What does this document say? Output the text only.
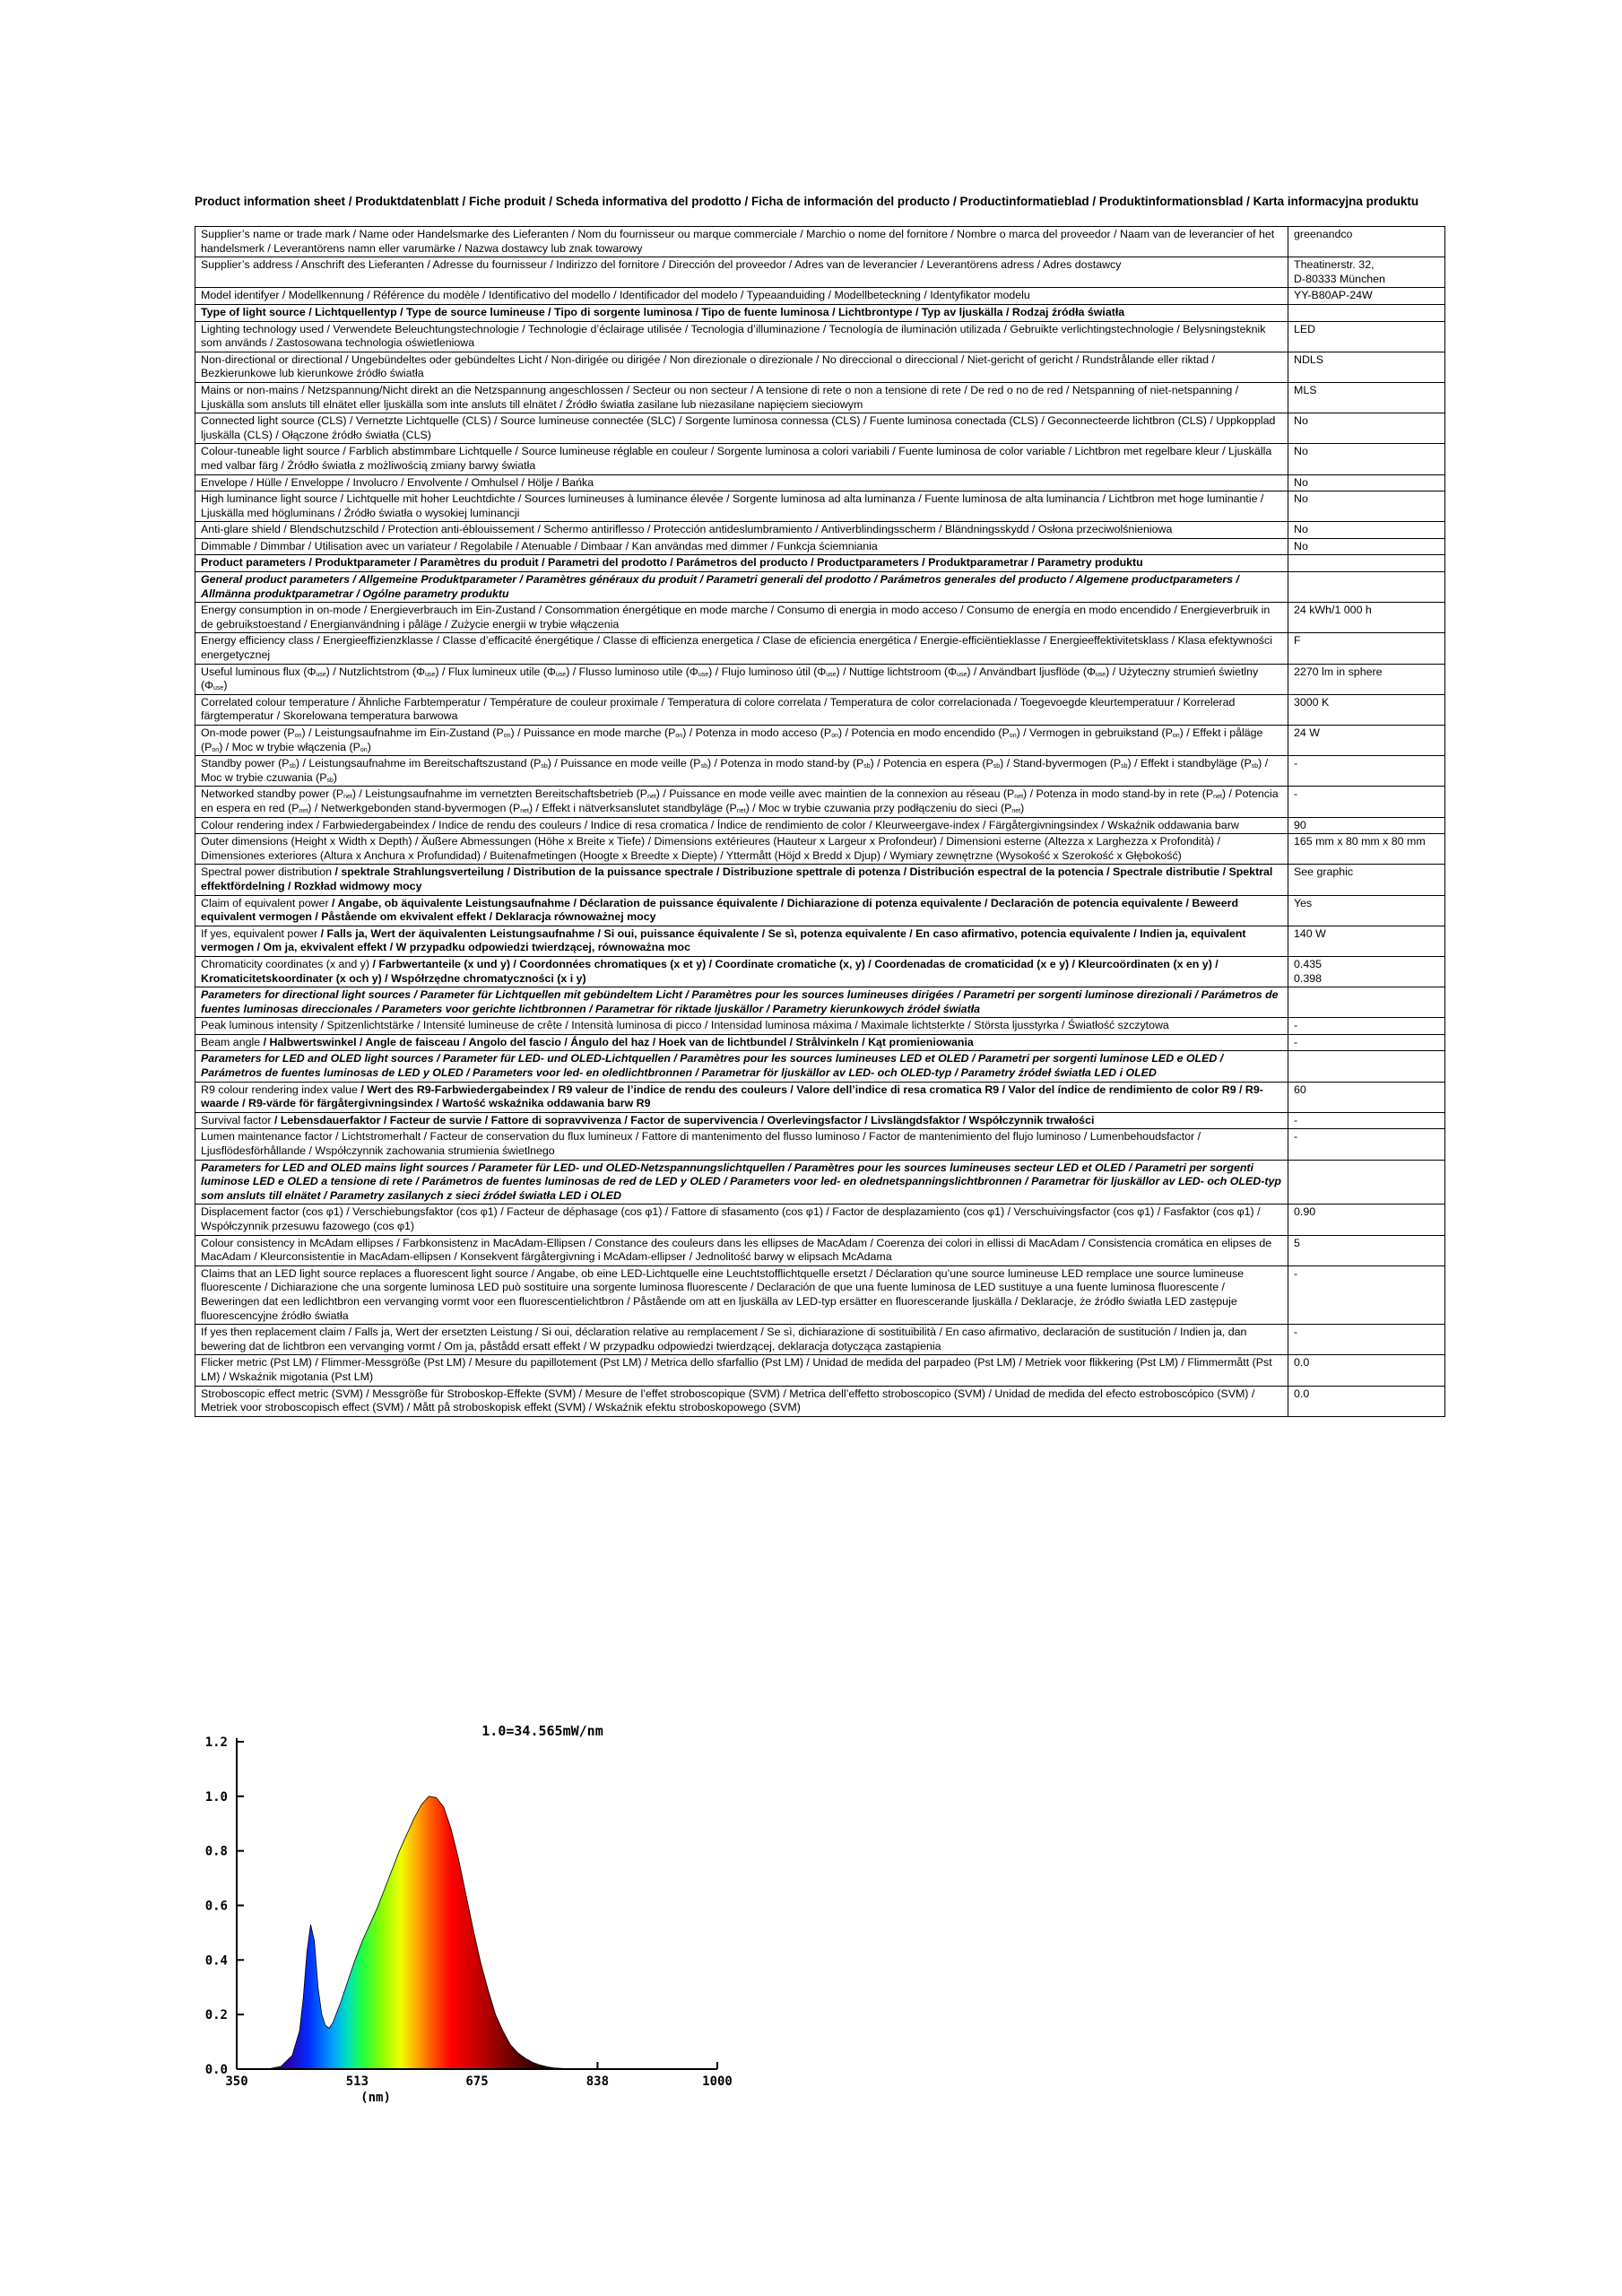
Product information sheet / Produktdatenblatt / Fiche produit / Scheda informativa del prodotto / Ficha de información del producto / Productinformatieblad / Produktinformationsblad / Karta informacyjna produktu
Supplier’s name or trade mark / Name oder Handelsmarke des Lieferanten / Nom du fournisseur ou marque commerciale / Marchio o nome del fornitore / Nombre o marca del proveedor / Naam van de leverancier of het handelsmerk / Leverantörens namn eller varumärke / Nazwa dostawcy lub znak towarowy	greenandco
Supplier’s address / Anschrift des Lieferanten / Adresse du fournisseur / Indirizzo del fornitore / Dirección del proveedor / Adres van de leverancier / Leverantörens adress / Adres dostawcy	Theatinerstr. 32,
D-80333 München
Model identifyer / Modellkennung / Référence du modèle / Identificativo del modello / Identificador del modelo / Typeaanduiding / Modellbeteckning / Identyfikator modelu	YY-B80AP-24W
Type of light source / Lichtquellentyp / Type de source lumineuse / Tipo di sorgente luminosa / Tipo de fuente luminosa / Lichtbrontype / Typ av ljuskälla / Rodzaj źródła światła	
Lighting technology used / Verwendete Beleuchtungstechnologie / Technologie d’éclairage utilisée / Tecnologia d’illuminazione / Tecnología de iluminación utilizada / Gebruikte verlichtingstechnologie / Belysningsteknik som används / Zastosowana technologia oświetleniowa	LED
Non-directional or directional / Ungebündeltes oder gebündeltes Licht / Non-dirigée ou dirigée / Non direzionale o direzionale / No direccional o direccional / Niet-gericht of gericht / Rundstrålande eller riktad / Bezkierunkowe lub kierunkowe źródło światła	NDLS
Mains or non-mains / Netzspannung/Nicht direkt an die Netzspannung angeschlossen / Secteur ou non secteur / A tensione di rete o non a tensione di rete / De red o no de red / Netspanning of niet-netspanning / Ljuskälla som ansluts till elnätet eller ljuskälla som inte ansluts till elnätet / Źródło światła zasilane lub niezasilane napięciem sieciowym	MLS
Connected light source (CLS) / Vernetzte Lichtquelle (CLS) / Source lumineuse connectée (SLC) / Sorgente luminosa connessa (CLS) / Fuente luminosa conectada (CLS) / Geconnecteerde lichtbron (CLS) / Uppkopplad ljuskälla (CLS) / Ołączone źródło światła (CLS)	No
Colour-tuneable light source / Farblich abstimmbare Lichtquelle / Source lumineuse réglable en couleur / Sorgente luminosa a colori variabili / Fuente luminosa de color variable / Lichtbron met regelbare kleur / Ljuskälla med valbar färg / Źródło światła z możliwością zmiany barwy światła	No
Envelope / Hülle / Enveloppe / Involucro / Envolvente / Omhulsel / Hölje / Bańka	No
High luminance light source / Lichtquelle mit hoher Leuchtdichte / Sources lumineuses à luminance élevée / Sorgente luminosa ad alta luminanza / Fuente luminosa de alta luminancia / Lichtbron met hoge luminantie / Ljuskälla med högluminans / Źródło światła o wysokiej luminancji	No
Anti-glare shield / Blendschutzschild / Protection anti-éblouissement / Schermo antiriflesso / Protección antideslumbramiento / Antiverblindingsscherm / Bländningsskydd / Osłona przeciwolśnieniowa	No
Dimmable / Dimmbar / Utilisation avec un variateur / Regolabile / Atenuable / Dimbaar / Kan användas med dimmer / Funkcja ściemniania	No
Product parameters / Produktparameter / Paramètres du produit / Parametri del prodotto / Parámetros del producto / Productparameters / Produktparametrar / Parametry produktu	
General product parameters / Allgemeine Produktparameter / Paramètres généraux du produit / Parametri generali del prodotto / Parámetros generales del producto / Algemene productparameters / Allmänna produktparametrar / Ogólne parametry produktu	
Energy consumption in on-mode / Energieverbrauch im Ein-Zustand / Consommation énergétique en mode marche / Consumo di energia in modo acceso / Consumo de energía en modo encendido / Energieverbruik in de gebruikstoestand / Energianvändning i påläge / Zużycie energii w trybie włączenia	24 kWh/1 000 h
Energy efficiency class / Energieeffizienzklasse / Classe d’efficacité énergétique / Classe di efficienza energetica / Clase de eficiencia energética / Energie-efficiëntieklasse / Energieeffektivitetsklass / Klasa efektywności energetycznej	F
Useful luminous flux $(\Phi_{use})$ / Nutzlichtstrom $(\Phi_{use})$ / Flux lumineux utile $(\Phi_{use})$ / Flusso luminoso utile $(\Phi_{use})$ / Flujo luminoso útil $(\Phi_{use})$ / Nuttige lichtstroom $(\Phi_{use})$ / Användbart ljusflöde $(\Phi_{use})$ / Użyteczny strumień świetlny $(\Phi_{use})$	2270 lm in sphere
Correlated colour temperature / Ähnliche Farbtemperatur / Température de couleur proximale / Temperatura di colore correlata / Temperatura de color correlacionada / Toegevoegde kleurtemperatuur / Korrelerad färgtemperatur / Skorelowana temperatura barwowa	3000 K
On-mode power $(P_{on})$ / Leistungsaufnahme im Ein-Zustand $(P_{on})$ / Puissance en mode marche $(P_{on})$ / Potenza in modo acceso $(P_{on})$ / Potencia en modo encendido $(P_{on})$ / Vermogen in gebruikstand $(P_{on})$ / Effekt i påläge $(P_{on})$ / Moc w trybie włączenia $(P_{on})$	24 W
Standby power $(P_{sb})$ / Leistungsaufnahme im Bereitschaftszustand $(P_{sb})$ / Puissance en mode veille $(P_{sb})$ / Potenza in modo stand-by $(P_{sb})$ / Potencia en espera $(P_{sb})$ / Stand-byvermogen $(P_{sb})$ / Effekt i standbyläge $(P_{sb})$ / Moc w trybie czuwania $(P_{sb})$	-
Networked standby power $(P_{net})$ / Leistungsaufnahme im vernetzten Bereitschaftsbetrieb $(P_{net})$ / Puissance en mode veille avec maintien de la connexion au réseau $(P_{net})$ / Potenza in modo stand-by in rete $(P_{net})$ / Potencia en espera en red $(P_{net})$ / Netwerkgebonden stand-byvermogen $(P_{net})$ / Effekt i nätverksanslutet standbyläge $(P_{net})$ / Moc w trybie czuwania przy podłączeniu do sieci $(P_{net})$	-
Colour rendering index / Farbwiedergabeindex / Indice de rendu des couleurs / Indice di resa cromatica / Índice de rendimiento de color / Kleurweergave-index / Färgåtergivningsindex / Wskaźnik oddawania barw	90
Outer dimensions (Height x Width x Depth) / Äußere Abmessungen (Höhe x Breite x Tiefe) / Dimensions extérieures (Hauteur x Largeur x Profondeur) / Dimensioni esterne (Altezza x Larghezza x Profondità) / Dimensiones exteriores (Altura x Anchura x Profundidad) / Buitenafmetingen (Hoogte x Breedte x Diepte) / Yttermått (Höjd x Bredd x Djup) / Wymiary zewnętrzne (Wysokość x Szerokość x Głębokość)	165 mm x 80 mm x 80 mm
Spectral power distribution / spektrale Strahlungsverteilung / Distribution de la puissance spectrale / Distribuzione spettrale di potenza / Distribución espectral de la potencia / Spectrale distributie / Spektral effektfördelning / Rozkład widmowy mocy	See graphic
Claim of equivalent power / Angabe, ob äquivalente Leistungsaufnahme / Déclaration de puissance équivalente / Dichiarazione di potenza equivalente / Declaración de potencia equivalente / Beweerd equivalent vermogen / Påstående om ekvivalent effekt / Deklaracja równoważnej mocy	Yes
If yes, equivalent power / Falls ja, Wert der äquivalenten Leistungsaufnahme / Si oui, puissance équivalente / Se sì, potenza equivalente / En caso afirmativo, potencia equivalente / Indien ja, equivalent vermogen / Om ja, ekvivalent effekt / W przypadku odpowiedzi twierdzącej, równoważna moc	140 W
Chromaticity coordinates (x and y) / Farbwertanteile (x und y) / Coordonnées chromatiques (x et y) / Coordinate cromatiche (x, y) / Coordenadas de cromaticidad (x e y) / Kleurcoördinaten (x en y) / Kromaticitetskoordinater (x och y) / Współrzędne chromatyczności (x i y)	0.435
0.398
Parameters for directional light sources / Parameter für Lichtquellen mit gebündeltem Licht / Paramètres pour les sources lumineuses dirigées / Parametri per sorgenti luminose direzionali / Parámetros de fuentes luminosas direccionales / Parameters voor gerichte lichtbronnen / Parametrar för riktade ljuskällor / Parametry kierunkowych źródeł światła	
Peak luminous intensity / Spitzenlichtstärke / Intensité lumineuse de crête / Intensità luminosa di picco / Intensidad luminosa máxima / Maximale lichtsterkte / Största ljusstyrka / Światłość szczytowa	-
Beam angle / Halbwertswinkel / Angle de faisceau / Angolo del fascio / Ángulo del haz / Hoek van de lichtbundel / Strålvinkeln / Kąt promieniowania	-
Parameters for LED and OLED light sources / Parameter für LED- und OLED-Lichtquellen / Paramètres pour les sources lumineuses LED et OLED / Parametri per sorgenti luminose LED e OLED / Parámetros de fuentes luminosas de LED y OLED / Parameters voor led- en oledlichtbronnen / Parametrar för ljuskällor av LED- och OLED-typ / Parametry źródeł światła LED i OLED	
R9 colour rendering index value / Wert des R9-Farbwiedergabeindex / R9 valeur de l’indice de rendu des couleurs / Valore dell’indice di resa cromatica R9 / Valor del índice de rendimiento de color R9 / R9-waarde / R9-värde för färgåtergivningsindex / Wartość wskaźnika oddawania barw R9	60
Survival factor / Lebensdauerfaktor / Facteur de survie / Fattore di sopravvivenza / Factor de supervivencia / Overlevingsfactor / Livslängdsfaktor / Współczynnik trwałości	-
Lumen maintenance factor / Lichtstromerhalt / Facteur de conservation du flux lumineux / Fattore di mantenimento del flusso luminoso / Factor de mantenimiento del flujo luminoso / Lumenbehoudsfactor / Ljusflödesförhållande / Współczynnik zachowania strumienia świetlnego	-
Parameters for LED and OLED mains light sources / Parameter für LED- und OLED-Netzspannungslichtquellen / Paramètres pour les sources lumineuses secteur LED et OLED / Parametri per sorgenti luminose LED e OLED a tensione di rete / Parámetros de fuentes luminosas de red de LED y OLED / Parameters voor led- en olednetspanningslichtbronnen / Parametrar för ljuskällor av LED- och OLED-typ som ansluts till elnätet / Parametry zasilanych z sieci źródeł światła LED i OLED	
Displacement factor (cos φ1) / Verschiebungsfaktor (cos φ1) / Facteur de déphasage (cos φ1) / Fattore di sfasamento (cos φ1) / Factor de desplazamiento (cos φ1) / Verschuivingsfactor (cos φ1) / Fasfaktor (cos φ1) / Współczynnik przesuwu fazowego (cos φ1)	0.90
Colour consistency in McAdam ellipses / Farbkonsistenz in MacAdam-Ellipsen / Constance des couleurs dans les ellipses de MacAdam / Coerenza dei colori in ellissi di MacAdam / Consistencia cromática en elipses de MacAdam / Kleurconsistentie in MacAdam-ellipsen / Konsekvent färgåtergivning i McAdam-ellipser / Jednolitość barwy w elipsach McAdama	5
Claims that an LED light source replaces a fluorescent light source / Angabe, ob eine LED-Lichtquelle eine Leuchtstofflichtquelle ersetzt / Déclaration qu’une source lumineuse LED remplace une source lumineuse fluorescente / Dichiarazione che una sorgente luminosa LED può sostituire una sorgente luminosa fluorescente / Declaración de que una fuente luminosa de LED sustituye a una fuente luminosa fluorescente / Beweringen dat een ledlichtbron een vervanging vormt voor een fluorescentielichtbron / Påstående om att en ljuskälla av LED-typ ersätter en fluorescerande ljuskälla / Deklaracje, że źródło światła LED zastępuje fluorescencyjne źródło światła	-
If yes then replacement claim / Falls ja, Wert der ersetzten Leistung / Si oui, déclaration relative au remplacement / Se sì, dichiarazione di sostituibilità / En caso afirmativo, declaración de sustitución / Indien ja, dan bewering dat de lichtbron een vervanging vormt / Om ja, påstådd ersatt effekt / W przypadku odpowiedzi twierdzącej, deklaracja dotycząca zastąpienia	-
Flicker metric (Pst LM) / Flimmer-Messgröße (Pst LM) / Mesure du papillotement (Pst LM) / Metrica dello sfarfallio (Pst LM) / Unidad de medida del parpadeo (Pst LM) / Metriek voor flikkering (Pst LM) / Flimmermått (Pst LM) / Wskaźnik migotania (Pst LM)	0.0
Stroboscopic effect metric (SVM) / Messgröße für Stroboskop-Effekte (SVM) / Mesure de l’effet stroboscopique (SVM) / Metrica dell’effetto stroboscopico (SVM) / Unidad de medida del efecto estroboscópico (SVM) / Metriek voor stroboscopisch effect (SVM) / Mått på stroboskopisk effekt (SVM) / Wskaźnik efektu stroboskopowego (SVM)	0.0
1.0=34.565mW/nm
0.0
0.2
0.4
0.6
0.8
1.0
1.2
350	513	675	838	1000
(nm)
